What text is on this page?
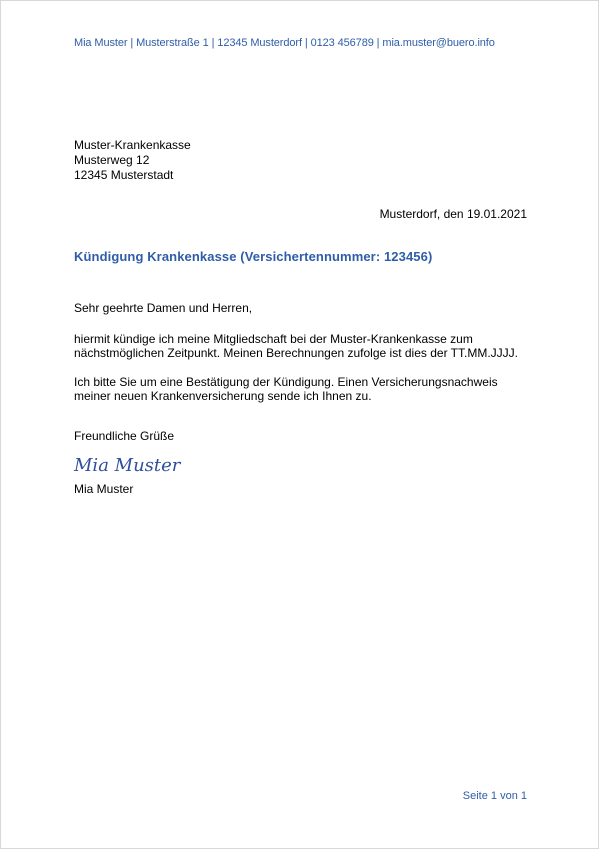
Mia Muster | Musterstraße 1 | 12345 Musterdorf | 0123 456789 | mia.muster@buero.info
Muster-Krankenkasse
Musterweg 12
12345 Musterstadt
Musterdorf, den 19.01.2021
Kündigung Krankenkasse (Versichertennummer: 123456)
Sehr geehrte Damen und Herren,
hiermit kündige ich meine Mitgliedschaft bei der Muster-Krankenkasse zum
nächstmöglichen Zeitpunkt. Meinen Berechnungen zufolge ist dies der TT.MM.JJJJ.
Ich bitte Sie um eine Bestätigung der Kündigung. Einen Versicherungsnachweis
meiner neuen Krankenversicherung sende ich Ihnen zu.
Freundliche Grüße
Mia Muster
Mia Muster
Seite 1 von 1
